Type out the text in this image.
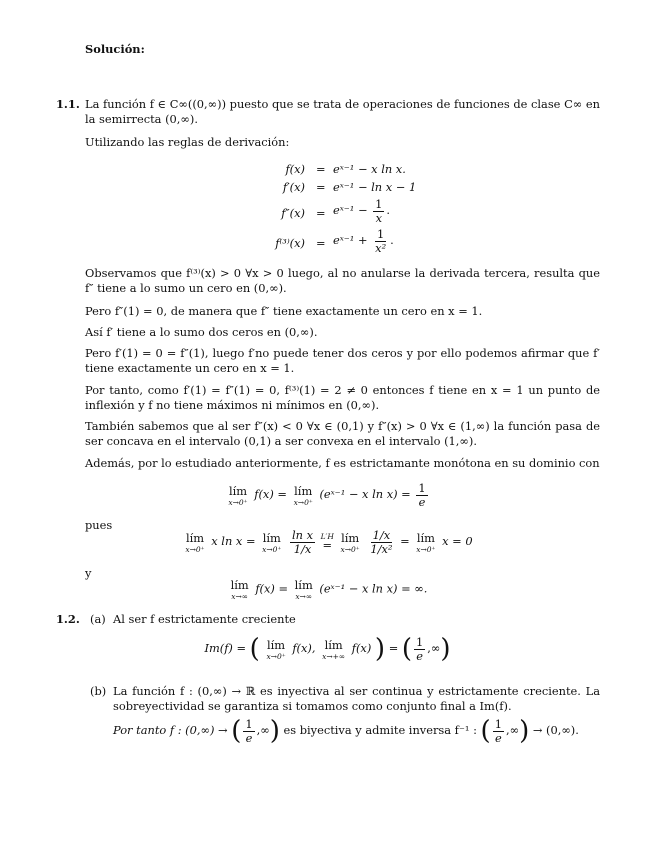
Solución:
1.1. La función f ∈ C∞((0,∞)) puesto que se trata de operaciones de funciones de clase C∞ en la semirrecta (0,∞).
Utilizando las reglas de derivación:
f(x) = eˣ⁻¹ − x ln x.
f′(x) = eˣ⁻¹ − ln x − 1
f″(x) = eˣ⁻¹ − $\frac{1}{x}$ .
f⁽³⁾(x) = eˣ⁻¹ + $\frac{1}{\text{x²}}$ .
Observamos que f⁽³⁾(x) > 0 ∀x > 0 luego, al no anularse la derivada tercera, resulta que f″ tiene a lo sumo un cero en (0,∞).
Pero f″(1) = 0, de manera que f″ tiene exactamente un cero en x = 1.
Así f′ tiene a lo sumo dos ceros en (0,∞).
Pero f′(1) = 0 = f″(1), luego f′no puede tener dos ceros y por ello podemos afirmar que f′ tiene exactamente un cero en x = 1.
Por tanto, como f′(1) = f″(1) = 0, f⁽³⁾(1) = 2 ≠ 0 entonces f tiene en x = 1 un punto de inflexión y f no tiene máximos ni mínimos en (0,∞).
También sabemos que al ser f″(x) < 0 ∀x ∈ (0,1) y f″(x) > 0 ∀x ∈ (1,∞) la función pasa de ser concava en el intervalo (0,1) a ser convexa en el intervalo (1,∞).
Además, por lo estudiado anteriormente, f es estrictamante monótona en su dominio con
lím
x→0⁺
f(x) = lím
x→0⁺
(eˣ⁻¹ − x $\ln x) = \frac{1}{e}$
pues
lím
x→0⁺
x ln x = lím
x→0⁺
$\frac{\text{ln x}}{1/x}$
L′H
=

lím
x→0⁺
$\frac{1/x}{\text{1/x²}}$ = lím
x→0⁺
x = 0
y
lím
x→∞
f(x) = lím
x→∞
(eˣ⁻¹ − x ln x) = ∞.
1.2. (a) Al ser f estrictamente creciente
Im(f) = ( lím
x→0⁺
f(x), lím
x→+∞
f(x) ) = ( $\frac{1}{e}$ ,∞)
(b) La función f : (0,∞) → ℝ es inyectiva al ser continua y estrictamente creciente. La sobreyectividad se garantiza si tomamos como conjunto final a Im(f).
Por tanto f : (0,∞) → ( $\frac{1}{e}$ ,∞) es biyectiva y admite inversa f⁻¹ : ( $\frac{1}{e}$ ,∞) → (0,∞).
